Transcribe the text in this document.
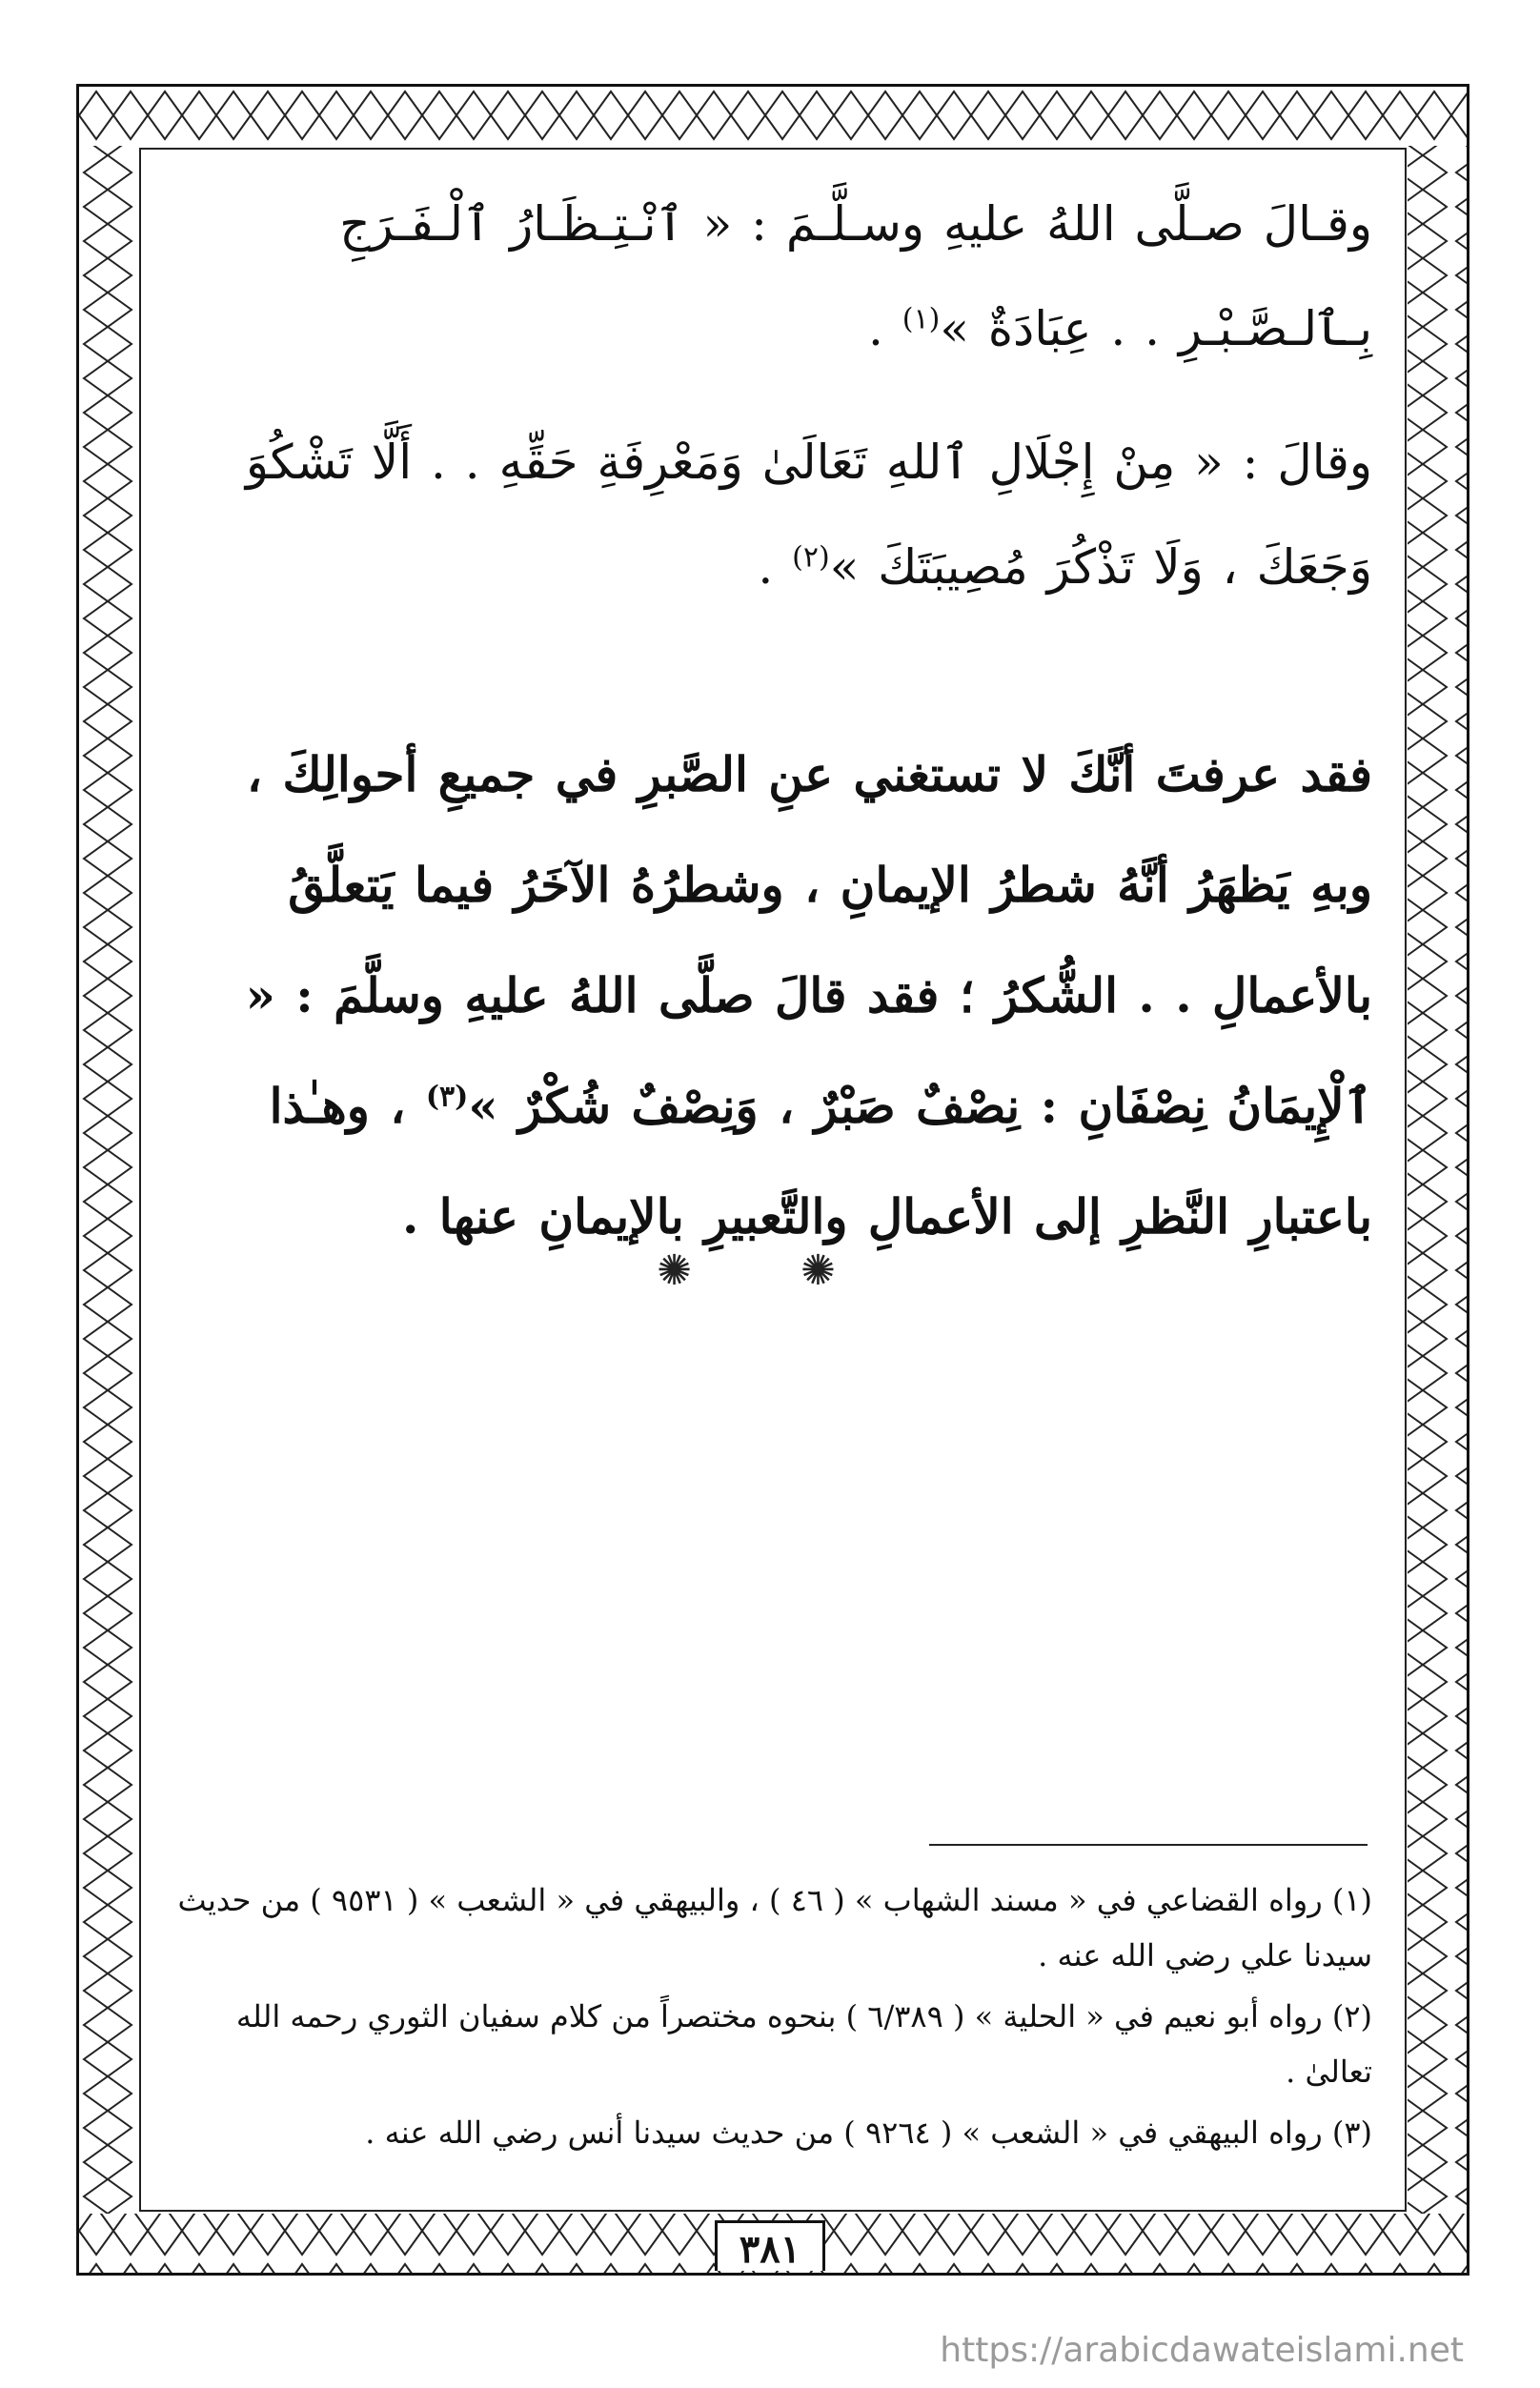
وقـالَ صـلَّى اللهُ عليهِ وسـلَّـمَ : « ٱنْـتِـظَـارُ ٱلْـفَـرَجِ بِـٱلـصَّـبْـرِ . . عِبَادَةٌ »$^{(١)}$ .

وقالَ : « مِنْ إِجْلَالِ ٱللهِ تَعَالَىٰ وَمَعْرِفَةِ حَقِّهِ . . أَلَّا تَشْكُوَ وَجَعَكَ ، وَلَا تَذْكُرَ مُصِيبَتَكَ »$^{(٢)}$ .

فقد عرفتَ أنَّكَ لا تستغني عنِ الصَّبرِ في جميعِ أحوالِكَ ، وبهِ يَظهَرُ أنَّهُ شطرُ الإيمانِ ، وشطرُهُ الآخَرُ فيما يَتعلَّقُ بالأعمالِ . . الشُّكرُ ؛ فقد قالَ صلَّى اللهُ عليهِ وسلَّمَ : « ٱلْإِيمَانُ نِصْفَانِ : نِصْفٌ صَبْرٌ ، وَنِصْفٌ شُكْرٌ »$^{(٣)}$ ، وهـٰذا باعتبارِ النَّظرِ إلى الأعمالِ والتَّعبيرِ بالإيمانِ عنها .

✺ ✺

(١) رواه القضاعي في « مسند الشهاب » ( ٤٦ ) ، والبيهقي في « الشعب » ( ٩٥٣١ ) من حديث سيدنا علي رضي الله عنه .

(٢) رواه أبو نعيم في « الحلية » ( ٦/٣٨٩ ) بنحوه مختصراً من كلام سفيان الثوري رحمه الله تعالىٰ .

(٣) رواه البيهقي في « الشعب » ( ٩٢٦٤ ) من حديث سيدنا أنس رضي الله عنه .

٣٨١
https://arabicdawateislami.net
